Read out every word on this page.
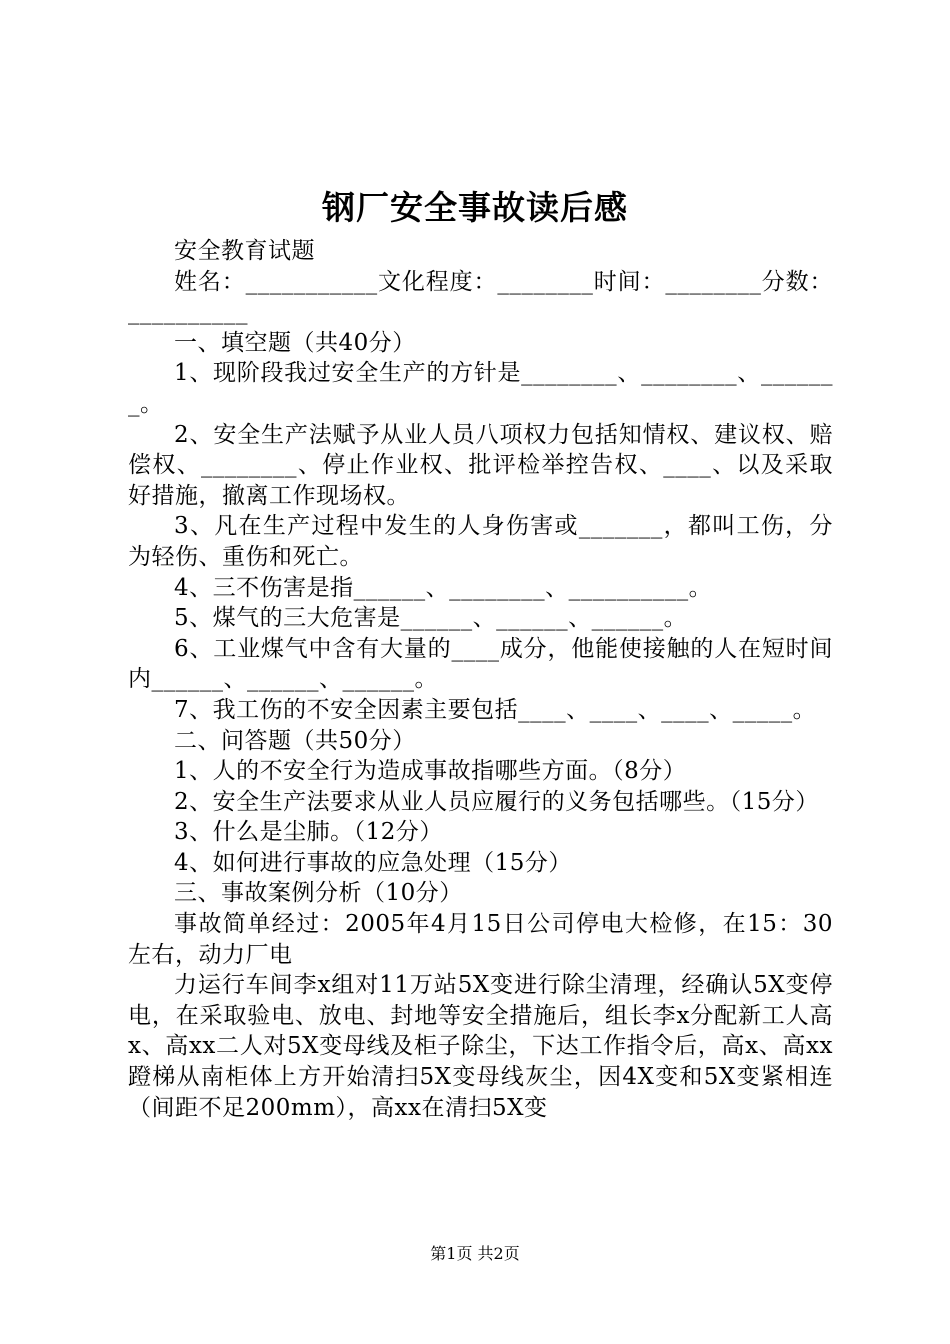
钢厂安全事故读后感

安全教育试题

姓名：___________文化程度：________时间：________分数：__________

一、填空题（共40分）

1、现阶段我过安全生产的方针是________、________、_______。

2、安全生产法赋予从业人员八项权力包括知情权、建议权、赔偿权、________、停止作业权、批评检举控告权、____、以及采取好措施，撤离工作现场权。

3、凡在生产过程中发生的人身伤害或_______，都叫工伤，分为轻伤、重伤和死亡。

4、三不伤害是指______、________、__________。

5、煤气的三大危害是______、______、______。

6、工业煤气中含有大量的____成分，他能使接触的人在短时间内______、______、______。

7、我工伤的不安全因素主要包括____、____、____、_____。

二、问答题（共50分）

1、人的不安全行为造成事故指哪些方面。（8分）

2、安全生产法要求从业人员应履行的义务包括哪些。（15分）

3、什么是尘肺。（12分）

4、如何进行事故的应急处理（15分）

三、事故案例分析（10分）

事故简单经过：2005年4月15日公司停电大检修，在15：30左右，动力厂电

力运行车间李x组对11万站5X变进行除尘清理，经确认5X变停电，在采取验电、放电、封地等安全措施后，组长李x分配新工人高x、高xx二人对5X变母线及柜子除尘，下达工作指令后，高x、高xx蹬梯从南柜体上方开始清扫5X变母线灰尘，因4X变和5X变紧相连（间距不足200mm），高xx在清扫5X变

第1页 共2页
